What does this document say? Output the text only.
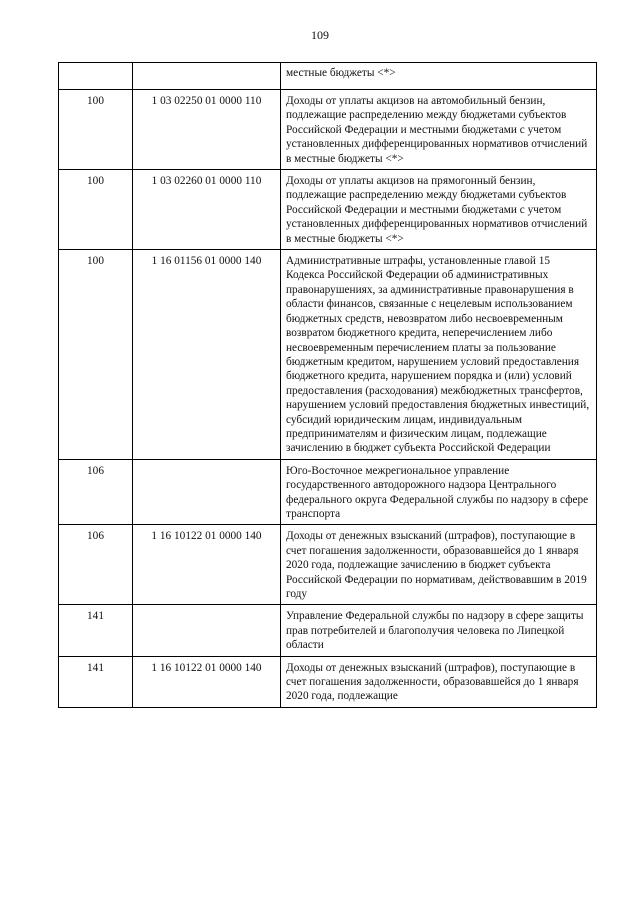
109
		местные бюджеты <*>
100	1 03 02250 01 0000 110	Доходы от уплаты акцизов на автомобильный бензин, подлежащие распределению между бюджетами субъектов Российской Федерации и местными бюджетами с учетом установленных дифференцированных нормативов отчислений в местные бюджеты <*>
100	1 03 02260 01 0000 110	Доходы от уплаты акцизов на прямогонный бензин, подлежащие распределению между бюджетами субъектов Российской Федерации и местными бюджетами с учетом установленных дифференцированных нормативов отчислений в местные бюджеты <*>
100	1 16 01156 01 0000 140	Административные штрафы, установленные главой 15 Кодекса Российской Федерации об административных правонарушениях, за административные правонарушения в области финансов, связанные с нецелевым использованием бюджетных средств, невозвратом либо несвоевременным возвратом бюджетного кредита, неперечислением либо несвоевременным перечислением платы за пользование бюджетным кредитом, нарушением условий предоставления бюджетного кредита, нарушением порядка и (или) условий предоставления (расходования) межбюджетных трансфертов, нарушением условий предоставления бюджетных инвестиций, субсидий юридическим лицам, индивидуальным предпринимателям и физическим лицам, подлежащие зачислению в бюджет субъекта Российской Федерации
106		Юго-Восточное межрегиональное управление государственного автодорожного надзора Центрального федерального округа Федеральной службы по надзору в сфере транспорта
106	1 16 10122 01 0000 140	Доходы от денежных взысканий (штрафов), поступающие в счет погашения задолженности, образовавшейся до 1 января 2020 года, подлежащие зачислению в бюджет субъекта Российской Федерации по нормативам, действовавшим в 2019 году
141		Управление Федеральной службы по надзору в сфере защиты прав потребителей и благополучия человека по Липецкой области
141	1 16 10122 01 0000 140	Доходы от денежных взысканий (штрафов), поступающие в счет погашения задолженности, образовавшейся до 1 января 2020 года, подлежащие
